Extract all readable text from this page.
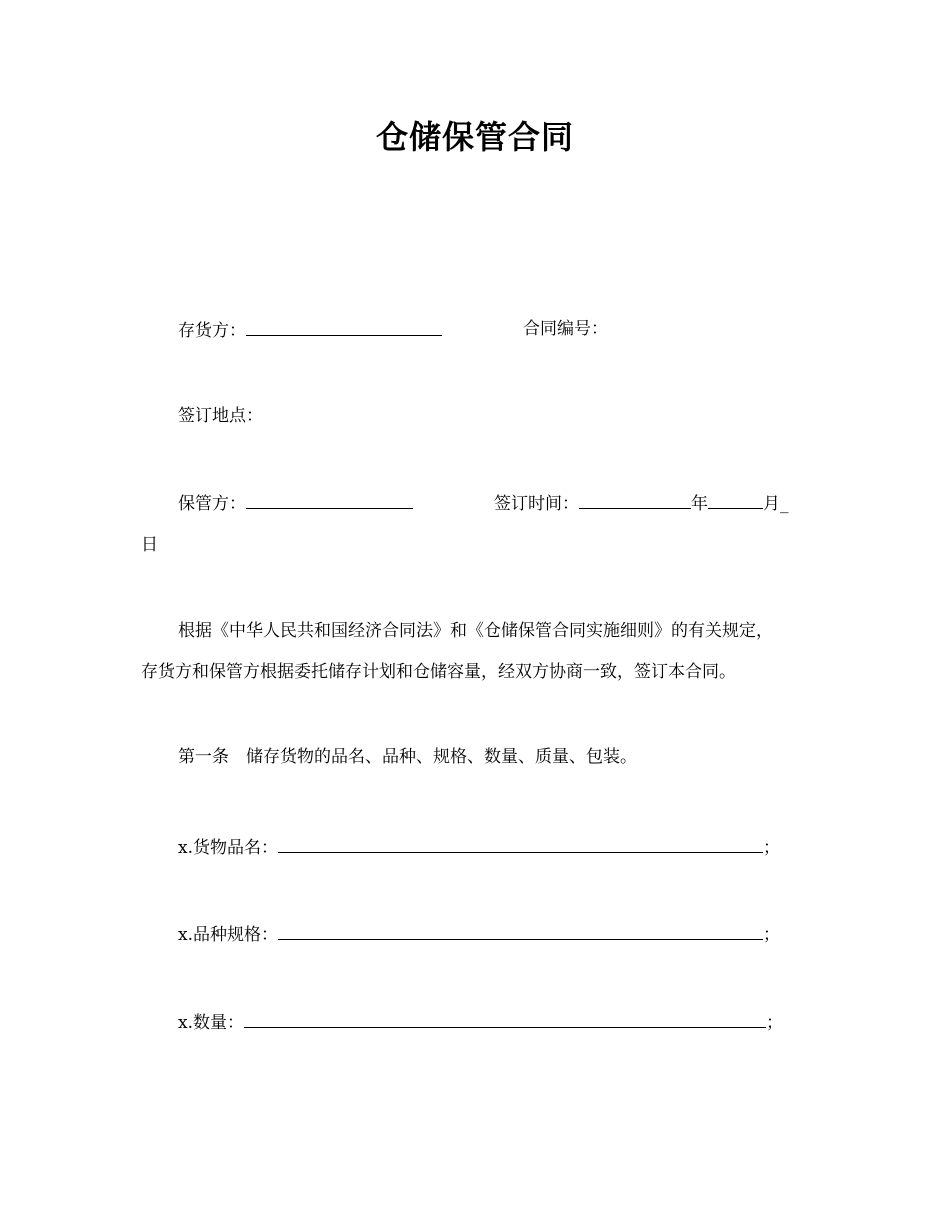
仓储保管合同
存货方：	合同编号：
签订地点：
保管方：	签订时间：	年	月_
日
根据《中华人民共和国经济合同法》和《仓储保管合同实施细则》的有关规定，
存货方和保管方根据委托储存计划和仓储容量，经双方协商一致，签订本合同。
第一条　储存货物的品名、品种、规格、数量、质量、包装。
x.货物品名：	；
x.品种规格：	；
x.数量：	；
